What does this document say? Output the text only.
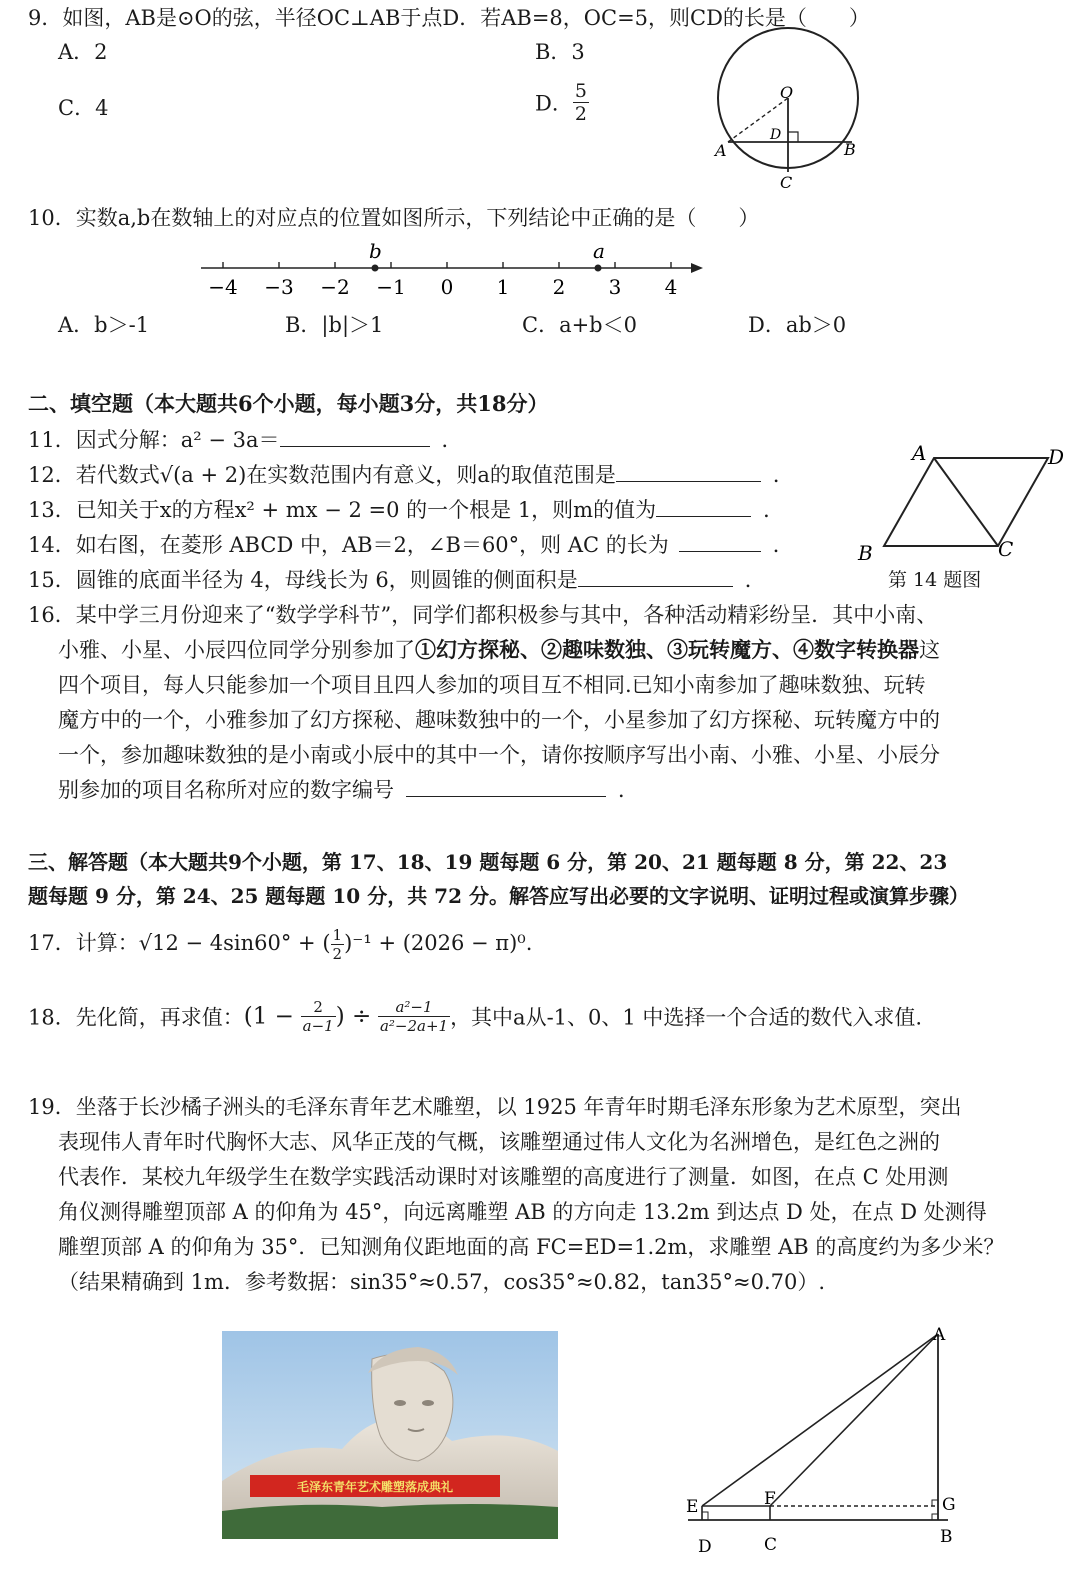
9．如图，AB是⊙O的弦，半径OC⊥AB于点D．若AB=8，OC=5，则CD的长是（　　）
A．2	B．3
C．4	D． $\frac{5}{2}$	O
A	B
C
D
10．实数a,b在数轴上的对应点的位置如图所示，下列结论中正确的是（　　）
−4 −3 −2 −1 0 1 2 3 4
b	a
A．b＞-1	B．|b|＞1	C．a+b＜0	D．ab＞0
二、填空题（本大题共6个小题，每小题3分，共18分）
11．因式分解：a² − 3a＝	．
12．若代数式√(a + 2)在实数范围内有意义，则a的取值范围是	．
13．已知关于x的方程x² + mx − 2 =0 的一个根是 1，则m的值为	．
14．如右图，在菱形 ABCD 中，AB＝2，∠B＝60°，则 AC 的长为	．
15．圆锥的底面半径为 4，母线长为 6，则圆锥的侧面积是	．
A
B	C
D
第 14 题图
16．某中学三月份迎来了“数学学科节”，同学们都积极参与其中，各种活动精彩纷呈．其中小南、
小雅、小星、小辰四位同学分别参加了①幻方探秘、②趣味数独、③玩转魔方、④数字转换器这
四个项目，每人只能参加一个项目且四人参加的项目互不相同.已知小南参加了趣味数独、玩转
魔方中的一个，小雅参加了幻方探秘、趣味数独中的一个，小星参加了幻方探秘、玩转魔方中的
一个，参加趣味数独的是小南或小辰中的其中一个，请你按顺序写出小南、小雅、小星、小辰分
别参加的项目名称所对应的数字编号	．
三、解答题（本大题共9个小题，第 17、18、19 题每题 6 分，第 20、21 题每题 8 分，第 22、23
题每题 9 分，第 24、25 题每题 10 分，共 72 分。解答应写出必要的文字说明、证明过程或演算步骤）
17．计算：√12 − 4sin60° + ( $\frac{1}{2} )^{-1} + (2026 - \pi)^0$.
18．先化简，再求值：($1 - \frac{2}{a-1}$ ) ÷ $\frac{\text{a²−1}}{\text{a²−2a+1}}$ ，其中a从-1、0、1 中选择一个合适的数代入求值.
19．坐落于长沙橘子洲头的毛泽东青年艺术雕塑，以 1925 年青年时期毛泽东形象为艺术原型，突出
表现伟人青年时代胸怀大志、风华正茂的气概，该雕塑通过伟人文化为名洲增色，是红色之洲的
代表作．某校九年级学生在数学实践活动课时对该雕塑的高度进行了测量．如图，在点 C 处用测
角仪测得雕塑顶部 A 的仰角为 45°，向远离雕塑 AB 的方向走 13.2m 到达点 D 处，在点 D 处测得
雕塑顶部 A 的仰角为 35°．已知测角仪距地面的高 FC=ED=1.2m，求雕塑 AB 的高度约为多少米？
（结果精确到 1m．参考数据：sin35°≈0.57，cos35°≈0.82，tan35°≈0.70）.
毛泽东青年艺术雕塑落成典礼
A
B
C
D
E	F	G
